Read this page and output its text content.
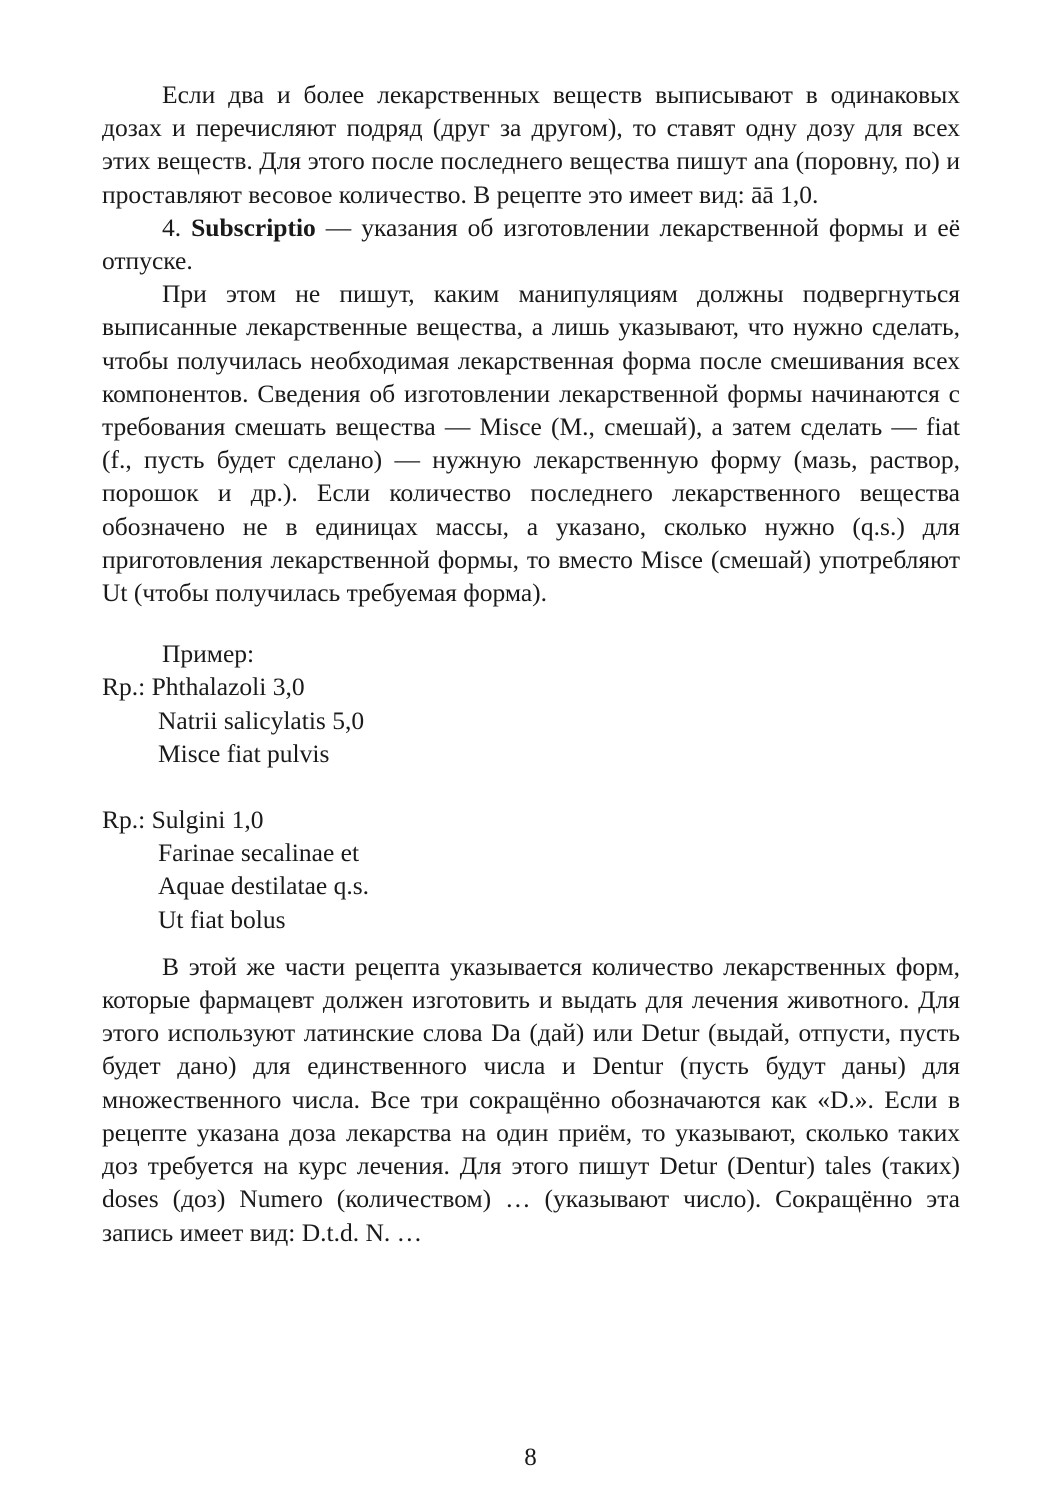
Если два и более лекарственных веществ выписывают в одинаковых дозах и перечисляют подряд (друг за другом), то ставят одну дозу для всех этих веществ. Для этого после последнего вещества пишут ana (поровну, по) и проставляют весовое количество. В рецепте это имеет вид: āā 1,0.

4. Subscriptio — указания об изготовлении лекарственной формы и её отпуске.

При этом не пишут, каким манипуляциям должны подвергнуться выписанные лекарственные вещества, а лишь указывают, что нужно сделать, чтобы получилась необходимая лекарственная форма после смешивания всех компонентов. Сведения об изготовлении лекарственной формы начинаются с требования смешать вещества — Misce (M., смешай), а затем сделать — fiat (f., пусть будет сделано) — нужную лекарственную форму (мазь, раствор, порошок и др.). Если количество последнего лекарственного вещества обозначено не в единицах массы, а указано, сколько нужно (q.s.) для приготовления лекарственной формы, то вместо Misce (смешай) употребляют Ut (чтобы получилась требуемая форма).

Пример:

Rp.: Phthalazoli 3,0

Natrii salicylatis 5,0

Misce fiat pulvis

Rp.: Sulgini 1,0

Farinae secalinae et

Aquae destilatae q.s.

Ut fiat bolus

В этой же части рецепта указывается количество лекарственных форм, которые фармацевт должен изготовить и выдать для лечения животного. Для этого используют латинские слова Da (дай) или Detur (выдай, отпусти, пусть будет дано) для единственного числа и Dentur (пусть будут даны) для множественного числа. Все три сокращённо обозначаются как «D.». Если в рецепте указана доза лекарства на один приём, то указывают, сколько таких доз требуется на курс лечения. Для этого пишут Detur (Dentur) tales (таких) doses (доз) Numero (количеством) … (указывают число). Сокращённо эта запись имеет вид: D.t.d. N. …

8
